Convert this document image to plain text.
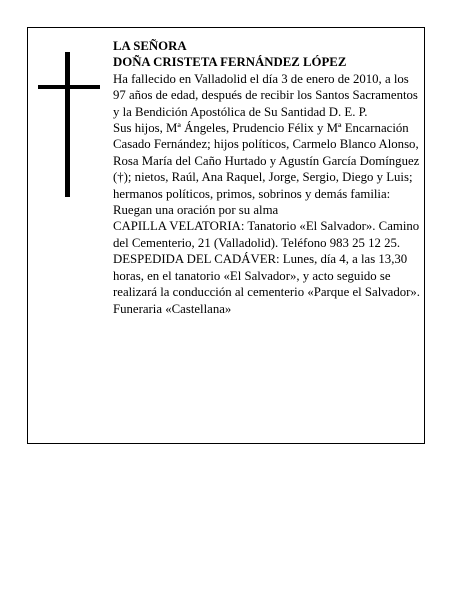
LA SEÑORA

DOÑA CRISTETA FERNÁNDEZ LÓPEZ

Ha fallecido en Valladolid el día 3 de enero de 2010, a los 97 años de edad, después de recibir los Santos Sacramentos y la Bendición Apostólica de Su Santidad D. E. P.

Sus hijos, Mª Ángeles, Prudencio Félix y Mª Encarnación Casado Fernández; hijos políticos, Carmelo Blanco Alonso, Rosa María del Caño Hurtado y Agustín García Domínguez (†); nietos, Raúl, Ana Raquel, Jorge, Sergio, Diego y Luis; hermanos políticos, primos, sobrinos y demás familia:

Ruegan una oración por su alma

CAPILLA VELATORIA: Tanatorio «El Salvador». Camino del Cementerio, 21 (Valladolid). Teléfono 983 25 12 25.

DESPEDIDA DEL CADÁVER: Lunes, día 4, a las 13,30 horas, en el tanatorio «El Salvador», y acto seguido se realizará la conducción al cementerio «Parque el Salvador».

Funeraria «Castellana»
